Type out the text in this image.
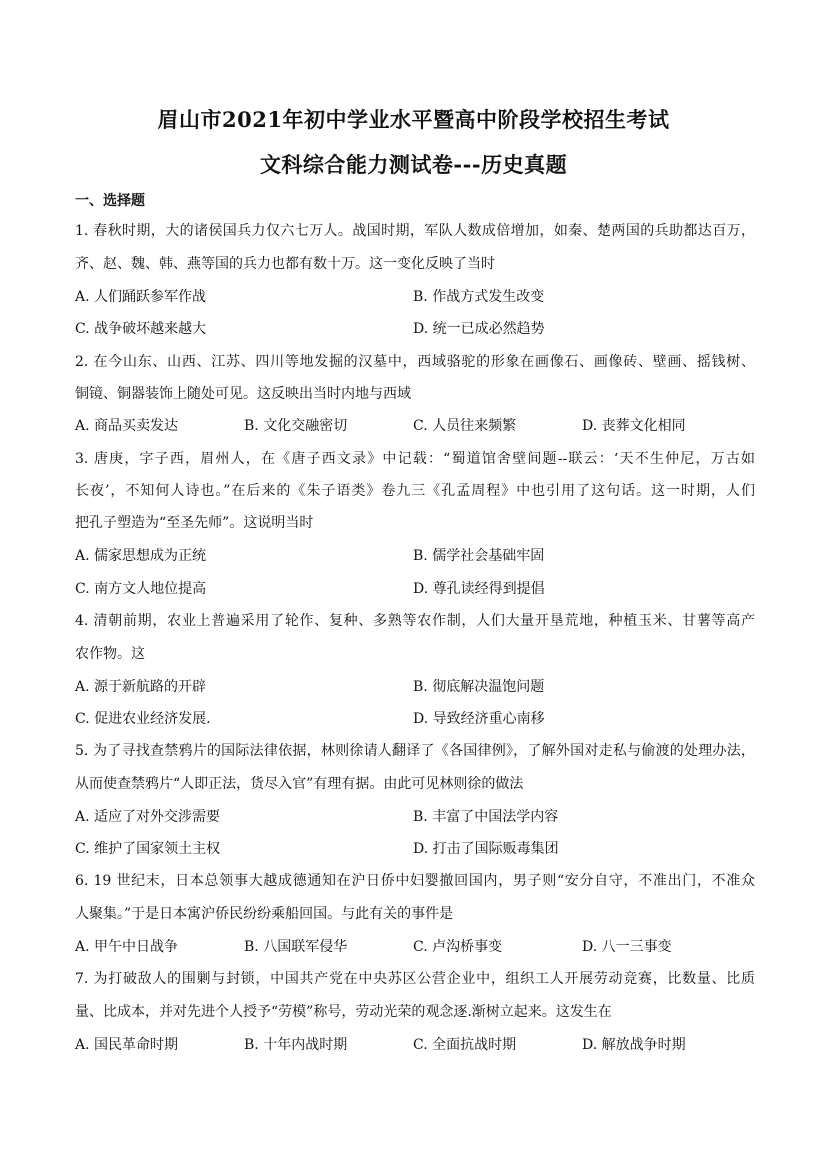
眉山市2021年初中学业水平暨高中阶段学校招生考试
文科综合能力测试卷---历史真题
一、选择题
1. 春秋时期，大的诸侯国兵力仅六七万人。战国时期，军队人数成倍增加，如秦、楚两国的兵助都达百万，
齐、赵、魏、韩、燕等国的兵力也都有数十万。这一变化反映了当时
A. 人们踊跃参军作战	B. 作战方式发生改变
C. 战争破坏越来越大	D. 统一已成必然趋势
2. 在今山东、山西、江苏、四川等地发掘的汉墓中，西域骆驼的形象在画像石、画像砖、壁画、摇钱树、
铜镜、铜器装饰上随处可见。这反映出当时内地与西域
A. 商品买卖发达	B. 文化交融密切	C. 人员往来频繁	D. 丧葬文化相同
3. 唐庚，字子西，眉州人，在《唐子西文录》中记载：“蜀道馆舍壁间题--联云：‘天不生仲尼，万古如
长夜’，不知何人诗也。”在后来的《朱子语类》卷九三《孔孟周程》中也引用了这句话。这一时期，人们
把孔子塑造为“至圣先师”。这说明当时
A. 儒家思想成为正统	B. 儒学社会基础牢固
C. 南方文人地位提高	D. 尊孔读经得到提倡
4. 清朝前期，农业上普遍采用了轮作、复种、多熟等农作制，人们大量开垦荒地，种植玉米、甘薯等高产
农作物。这
A. 源于新航路的开辟	B. 彻底解决温饱问题
C. 促进农业经济发展.	D. 导致经济重心南移
5. 为了寻找查禁鸦片的国际法律依据，林则徐请人翻译了《各国律例》，了解外国对走私与偷渡的处理办法，
从而使查禁鸦片“人即正法，货尽入官”有理有据。由此可见林则徐的做法
A. 适应了对外交涉需要	B. 丰富了中国法学内容
C. 维护了国家领土主权	D. 打击了国际贩毒集团
6. 19 世纪末，日本总领事大越成德通知在沪日侨中妇婴撤回国内，男子则“安分自守，不准出门，不准众
人聚集。”于是日本寓沪侨民纷纷乘船回国。与此有关的事件是
A. 甲午中日战争	B. 八国联军侵华	C. 卢沟桥事变	D. 八一三事变
7. 为打破敌人的围剿与封锁，中国共产党在中央苏区公营企业中，组织工人开展劳动竞赛，比数量、比质
量、比成本，并对先进个人授予“劳模”称号，劳动光荣的观念逐.渐树立起来。这发生在
A. 国民革命时期	B. 十年内战时期	C. 全面抗战时期	D. 解放战争时期
